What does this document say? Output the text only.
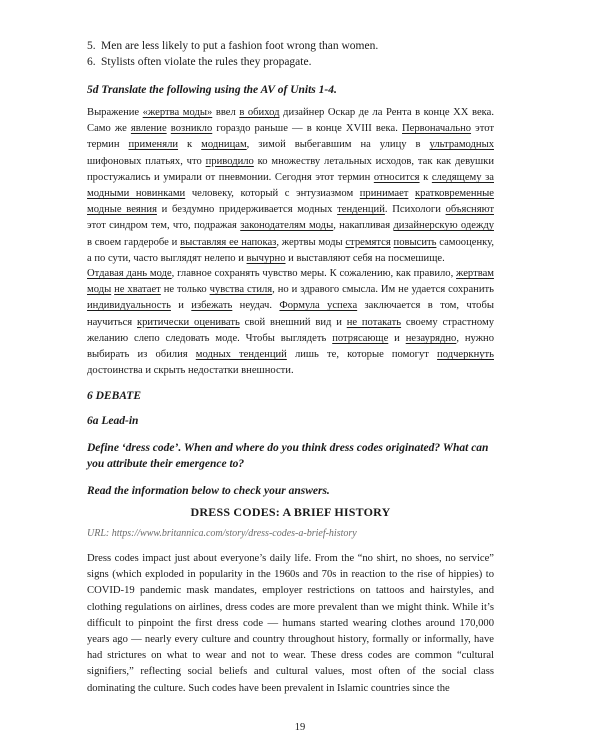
5. Men are less likely to put a fashion foot wrong than women.
6. Stylists often violate the rules they propagate.
5d Translate the following using the AV of Units 1-4.
Выражение «жертва моды» ввел в обиход дизайнер Оскар де ла Рента в конце XX века. Само же явление возникло гораздо раньше — в конце XVIII века. Первоначально этот термин применяли к модницам, зимой выбегавшим на улицу в ультрамодных шифоновых платьях, что приводило ко множеству летальных исходов, так как девушки простужались и умирали от пневмонии. Сегодня этот термин относится к следящему за модными новинками человеку, который с энтузиазмом принимает кратковременные модные веяния и бездумно придерживается модных тенденций. Психологи объясняют этот синдром тем, что, подражая законодателям моды, накапливая дизайнерскую одежду в своем гардеробе и выставляя ее напоказ, жертвы моды стремятся повысить самооценку, а по сути, часто выглядят нелепо и вычурно и выставляют себя на посмешище.
Отдавая дань моде, главное сохранять чувство меры. К сожалению, как правило, жертвам моды не хватает не только чувства стиля, но и здравого смысла. Им не удается сохранить индивидуальность и избежать неудач. Формула успеха заключается в том, чтобы научиться критически оценивать свой внешний вид и не потакать своему страстному желанию слепо следовать моде. Чтобы выглядеть потрясающе и незаурядно, нужно выбирать из обилия модных тенденций лишь те, которые помогут подчеркнуть достоинства и скрыть недостатки внешности.
6 DEBATE
6a Lead-in
Define ‘dress code’. When and where do you think dress codes originated? What can you attribute their emergence to?
Read the information below to check your answers.
DRESS CODES: A BRIEF HISTORY
URL: https://www.britannica.com/story/dress-codes-a-brief-history
Dress codes impact just about everyone’s daily life. From the “no shirt, no shoes, no service” signs (which exploded in popularity in the 1960s and 70s in reaction to the rise of hippies) to COVID-19 pandemic mask mandates, employer restrictions on tattoos and hairstyles, and clothing regulations on airlines, dress codes are more prevalent than we might think. While it’s difficult to pinpoint the first dress code — humans started wearing clothes around 170,000 years ago — nearly every culture and country throughout history, formally or informally, have had strictures on what to wear and not to wear. These dress codes are common “cultural signifiers,” reflecting social beliefs and cultural values, most often of the social class dominating the culture. Such codes have been prevalent in Islamic countries since the
19
